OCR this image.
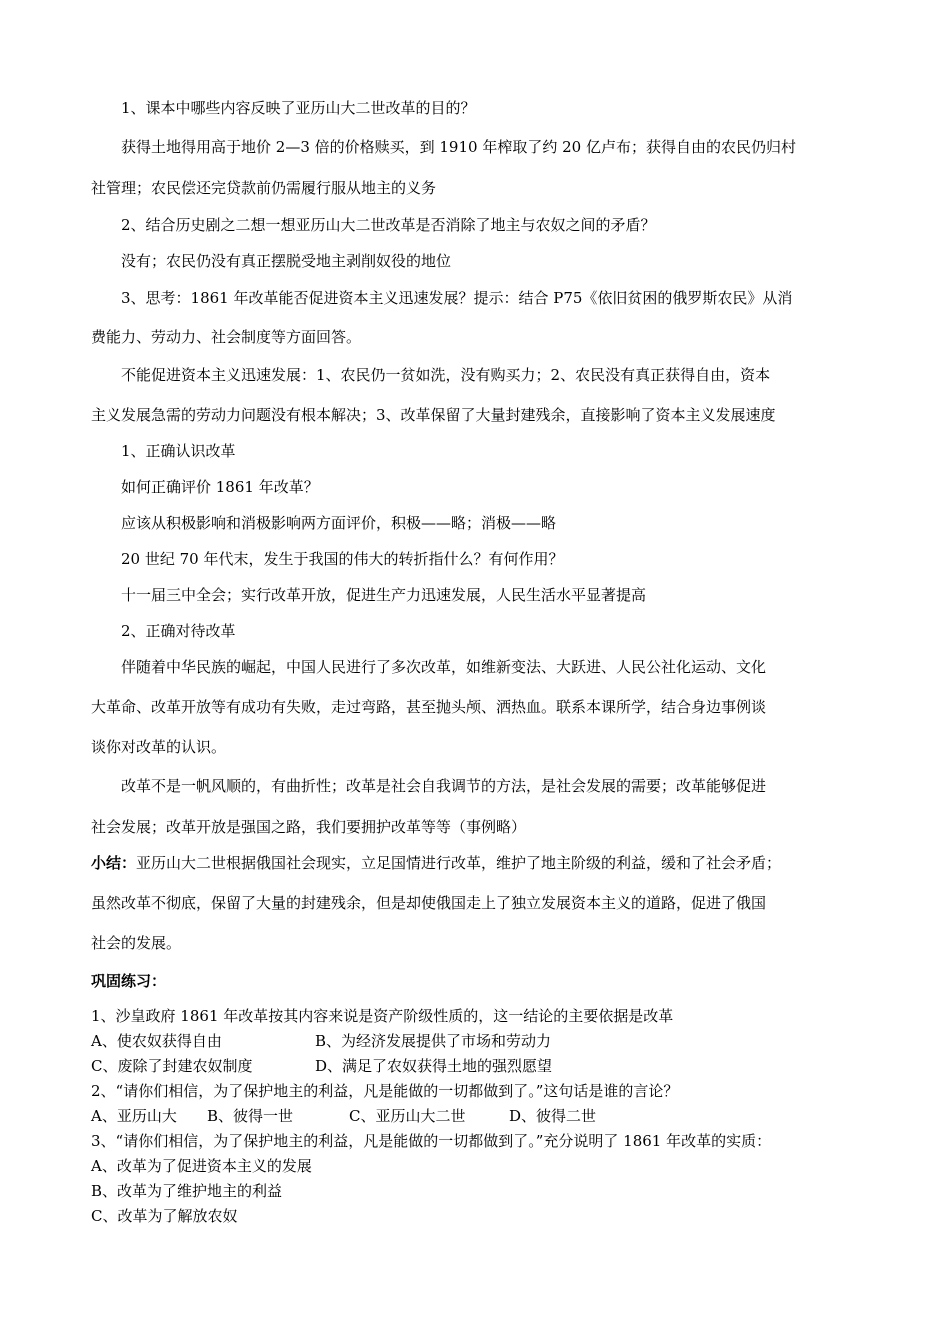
1、课本中哪些内容反映了亚历山大二世改革的目的？
获得土地得用高于地价 2—3 倍的价格赎买，到 1910 年榨取了约 20 亿卢布；获得自由的农民仍归村
社管理；农民偿还完贷款前仍需履行服从地主的义务
2、结合历史剧之二想一想亚历山大二世改革是否消除了地主与农奴之间的矛盾？
没有；农民仍没有真正摆脱受地主剥削奴役的地位
3、思考：1861 年改革能否促进资本主义迅速发展？提示：结合 P75《依旧贫困的俄罗斯农民》从消
费能力、劳动力、社会制度等方面回答。
不能促进资本主义迅速发展：1、农民仍一贫如洗，没有购买力；2、农民没有真正获得自由，资本
主义发展急需的劳动力问题没有根本解决；3、改革保留了大量封建残余，直接影响了资本主义发展速度
1、正确认识改革
如何正确评价 1861 年改革？
应该从积极影响和消极影响两方面评价，积极——略；消极——略
20 世纪 70 年代末，发生于我国的伟大的转折指什么？有何作用？
十一届三中全会；实行改革开放，促进生产力迅速发展，人民生活水平显著提高
2、正确对待改革
伴随着中华民族的崛起，中国人民进行了多次改革，如维新变法、大跃进、人民公社化运动、文化
大革命、改革开放等有成功有失败，走过弯路，甚至抛头颅、洒热血。联系本课所学，结合身边事例谈
谈你对改革的认识。
改革不是一帆风顺的，有曲折性；改革是社会自我调节的方法，是社会发展的需要；改革能够促进
社会发展；改革开放是强国之路，我们要拥护改革等等（事例略）
小结：亚历山大二世根据俄国社会现实，立足国情进行改革，维护了地主阶级的利益，缓和了社会矛盾；
虽然改革不彻底，保留了大量的封建残余，但是却使俄国走上了独立发展资本主义的道路，促进了俄国
社会的发展。
巩固练习：
1、沙皇政府 1861 年改革按其内容来说是资产阶级性质的，这一结论的主要依据是改革
A、使农奴获得自由	B、为经济发展提供了市场和劳动力
C、废除了封建农奴制度	D、满足了农奴获得土地的强烈愿望
2、“请你们相信，为了保护地主的利益，凡是能做的一切都做到了。”这句话是谁的言论？
A、亚历山大 B、彼得一世	C、亚历山大二世	D、彼得二世
3、“请你们相信，为了保护地主的利益，凡是能做的一切都做到了。”充分说明了 1861 年改革的实质：
A、改革为了促进资本主义的发展
B、改革为了维护地主的利益
C、改革为了解放农奴
